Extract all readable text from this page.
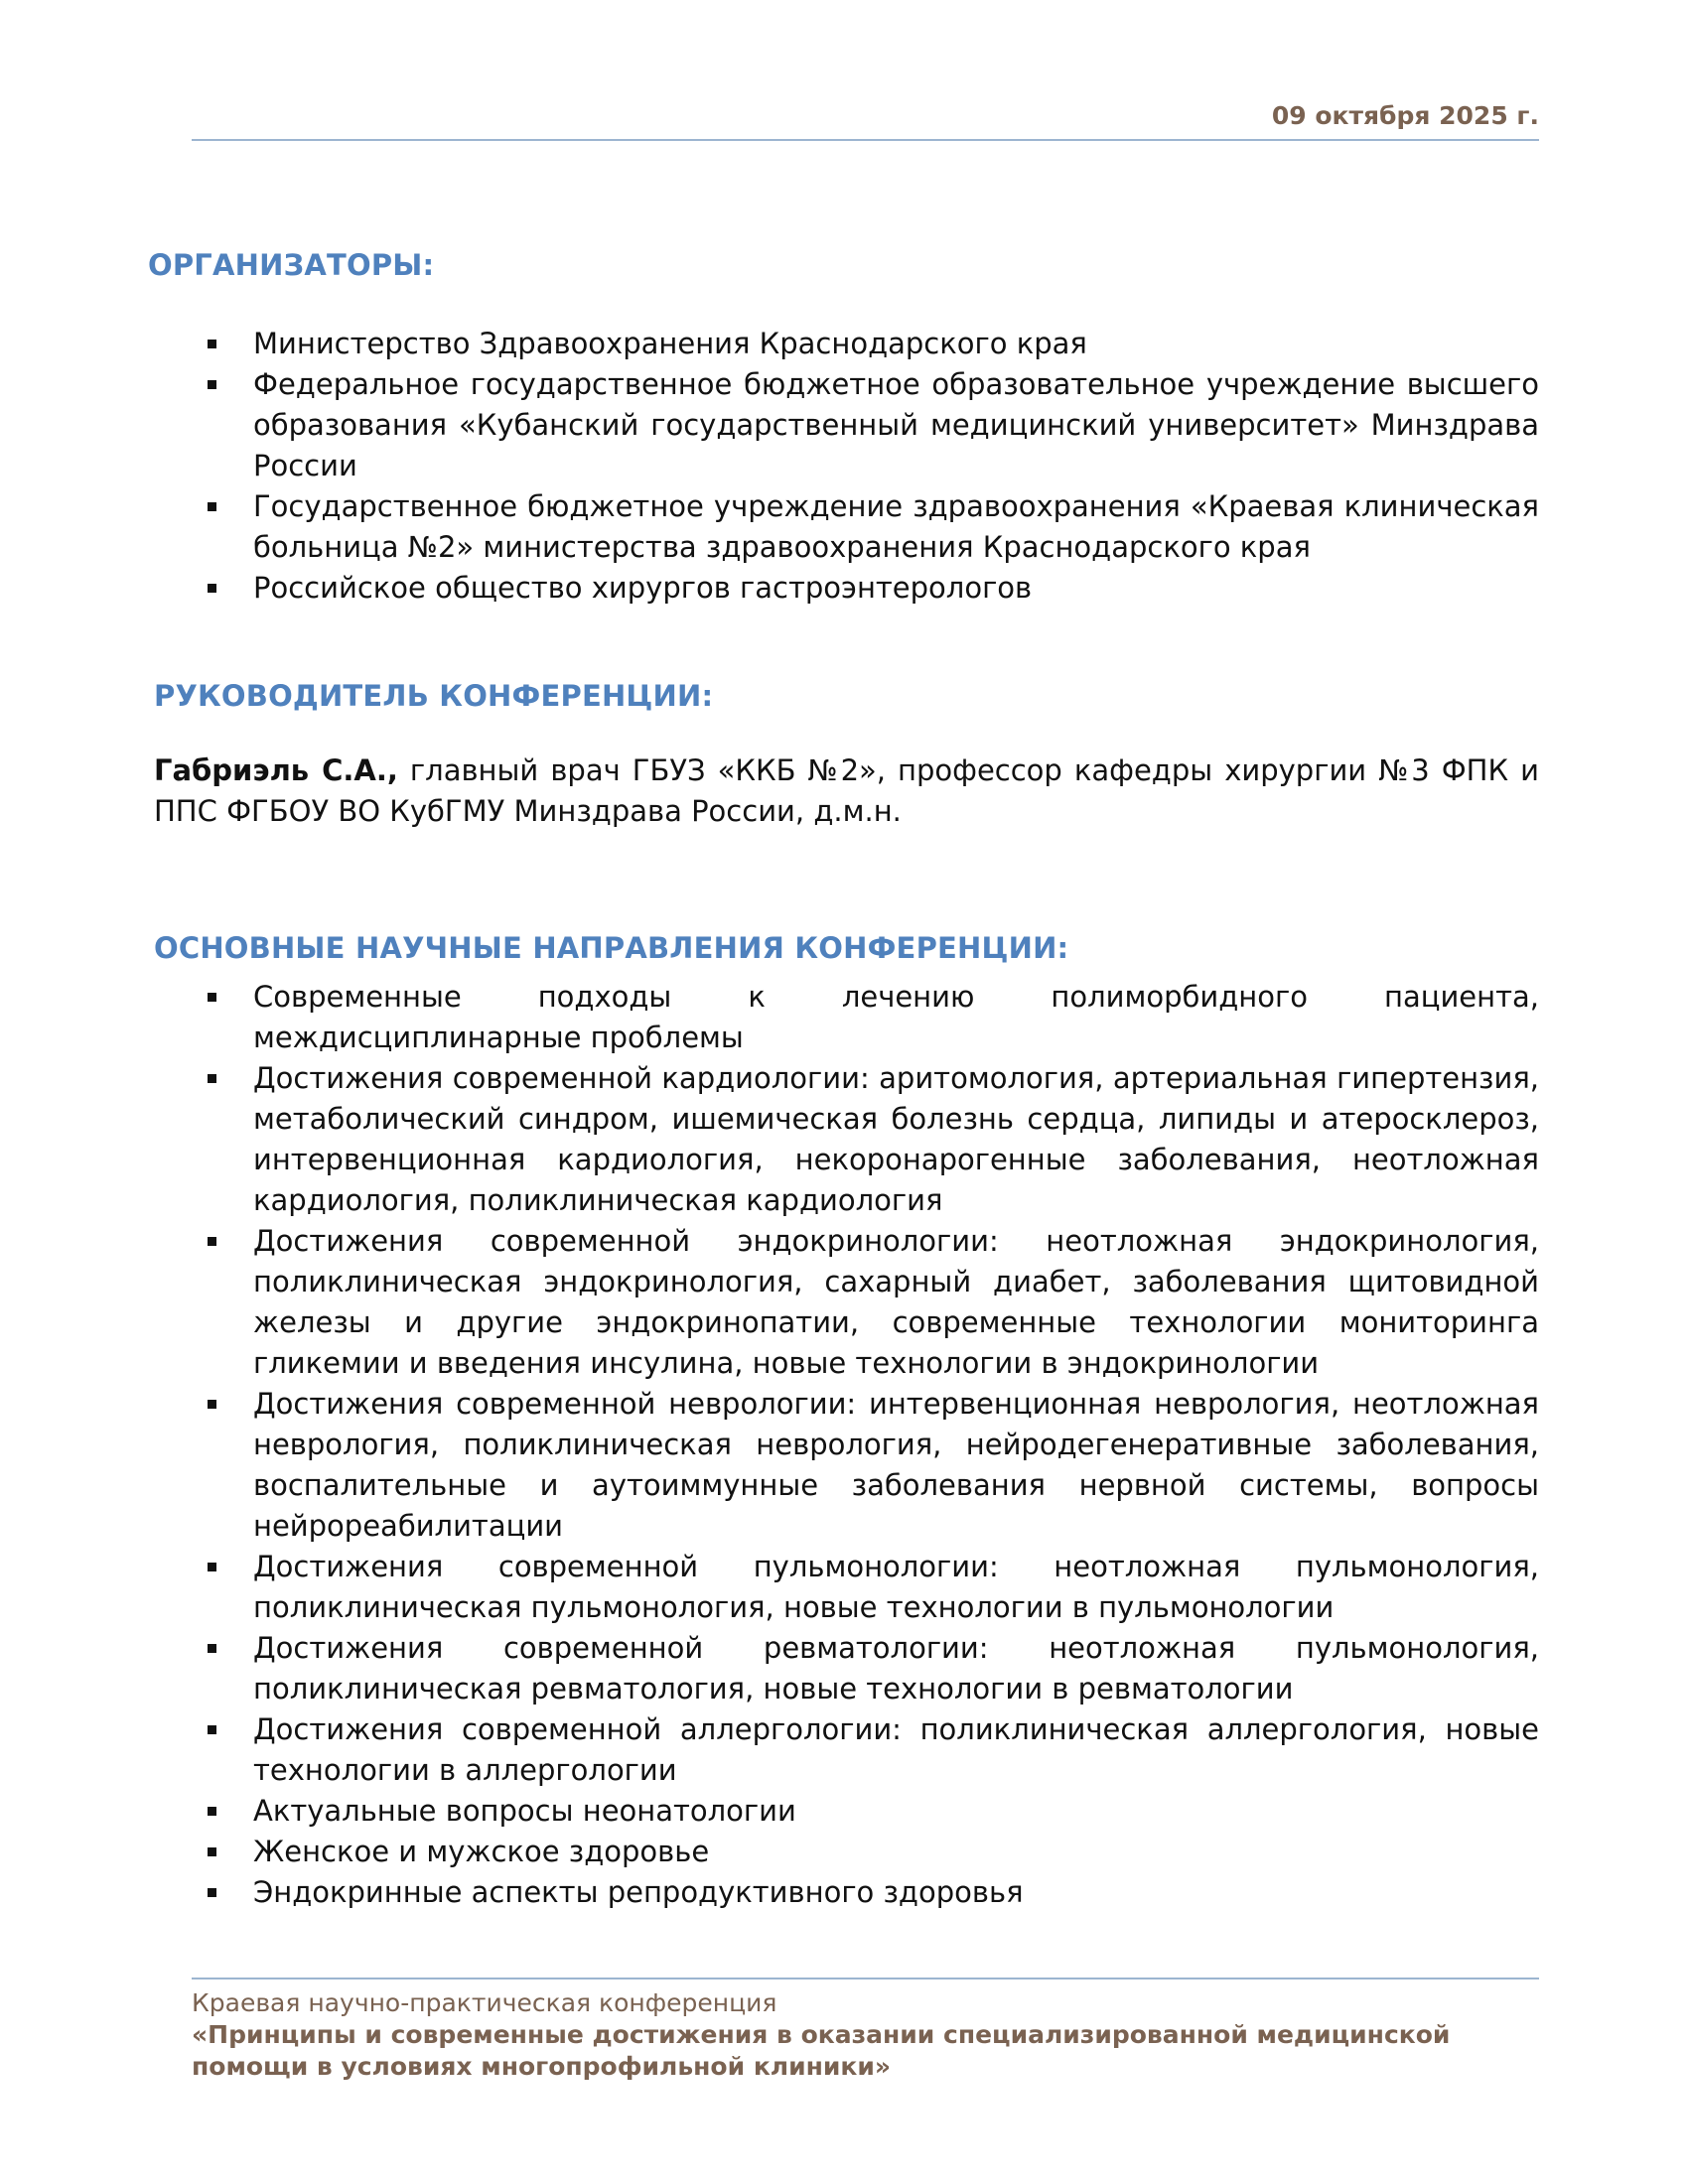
09 октября 2025 г.

ОРГАНИЗАТОРЫ:
Министерство Здравоохранения Краснодарского края
Федеральное государственное бюджетное образовательное учреждение высшего образования «Кубанский государственный медицинский университет» Минздрава России
Государственное бюджетное учреждение здравоохранения «Краевая клиническая больница №2» министерства здравоохранения Краснодарского края
Российское общество хирургов гастроэнтерологов
РУКОВОДИТЕЛЬ КОНФЕРЕНЦИИ:

Габриэль С.А., главный врач ГБУЗ «ККБ №2», профессор кафедры хирургии №3 ФПК и ППС ФГБОУ ВО КубГМУ Минздрава России, д.м.н.

ОСНОВНЫЕ НАУЧНЫЕ НАПРАВЛЕНИЯ КОНФЕРЕНЦИИ:
Современные подходы к лечению полиморбидного пациента, междисциплинарные проблемы
Достижения современной кардиологии: аритомология, артериальная гипертензия, метаболический синдром, ишемическая болезнь сердца, липиды и атеросклероз, интервенционная кардиология, некоронарогенные заболевания, неотложная кардиология, поликлиническая кардиология
Достижения современной эндокринологии: неотложная эндокринология, поликлиническая эндокринология, сахарный диабет, заболевания щитовидной железы и другие эндокринопатии, современные технологии мониторинга гликемии и введения инсулина, новые технологии в эндокринологии
Достижения современной неврологии: интервенционная неврология, неотложная неврология, поликлиническая неврология, нейродегенеративные заболевания, воспалительные и аутоиммунные заболевания нервной системы, вопросы нейрореабилитации
Достижения современной пульмонологии: неотложная пульмонология, поликлиническая пульмонология, новые технологии в пульмонологии
Достижения современной ревматологии: неотложная пульмонология, поликлиническая ревматология, новые технологии в ревматологии
Достижения современной аллергологии: поликлиническая аллергология, новые технологии в аллергологии
Актуальные вопросы неонатологии
Женское и мужское здоровье
Эндокринные аспекты репродуктивного здоровья

Краевая научно-практическая конференция

«Принципы и современные достижения в оказании специализированной медицинской помощи в условиях многопрофильной клиники»
